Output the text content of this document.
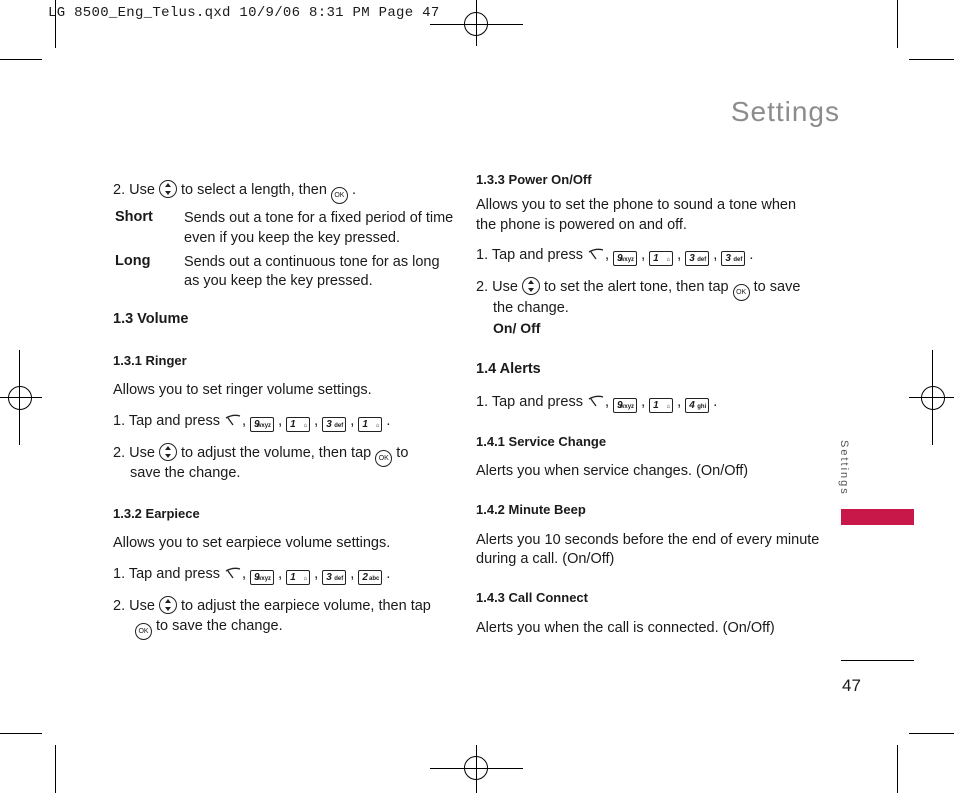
LG 8500_Eng_Telus.qxd 10/9/06 8:31 PM Page 47
Settings
2. Use to select a length, then OK .
Short Sends out a tone for a fixed period of time
even if you keep the key pressed.
Long Sends out a continuous tone for as long
as you keep the key pressed.
1.3 Volume
1.3.1 Ringer
Allows you to set ringer volume settings.
1. Tap and press , 9
wxyz , 1	⌂ , 3 def , 1	⌂ .
2. Use to adjust the volume, then tap OK to
save the change.
1.3.2 Earpiece
Allows you to set earpiece volume settings.
1. Tap and press , 9
wxyz , 1	⌂ , 3 def , 2 abc .
2. Use to adjust the earpiece volume, then tap
OK to save the change.
1.3.3 Power On/Off
Allows you to set the phone to sound a tone when
the phone is powered on and off.
1. Tap and press , 9
wxyz , 1	⌂ , 3 def , 3 def .
2. Use to set the alert tone, then tap OK to save
the change.
On/ Off
1.4 Alerts
1. Tap and press , 9
wxyz , 1	⌂ , 4 ghi .
1.4.1 Service Change
Alerts you when service changes. (On/Off)
1.4.2 Minute Beep
Alerts you 10 seconds before the end of every minute
during a call. (On/Off)
1.4.3 Call Connect
Alerts you when the call is connected. (On/Off)
Settings
47
